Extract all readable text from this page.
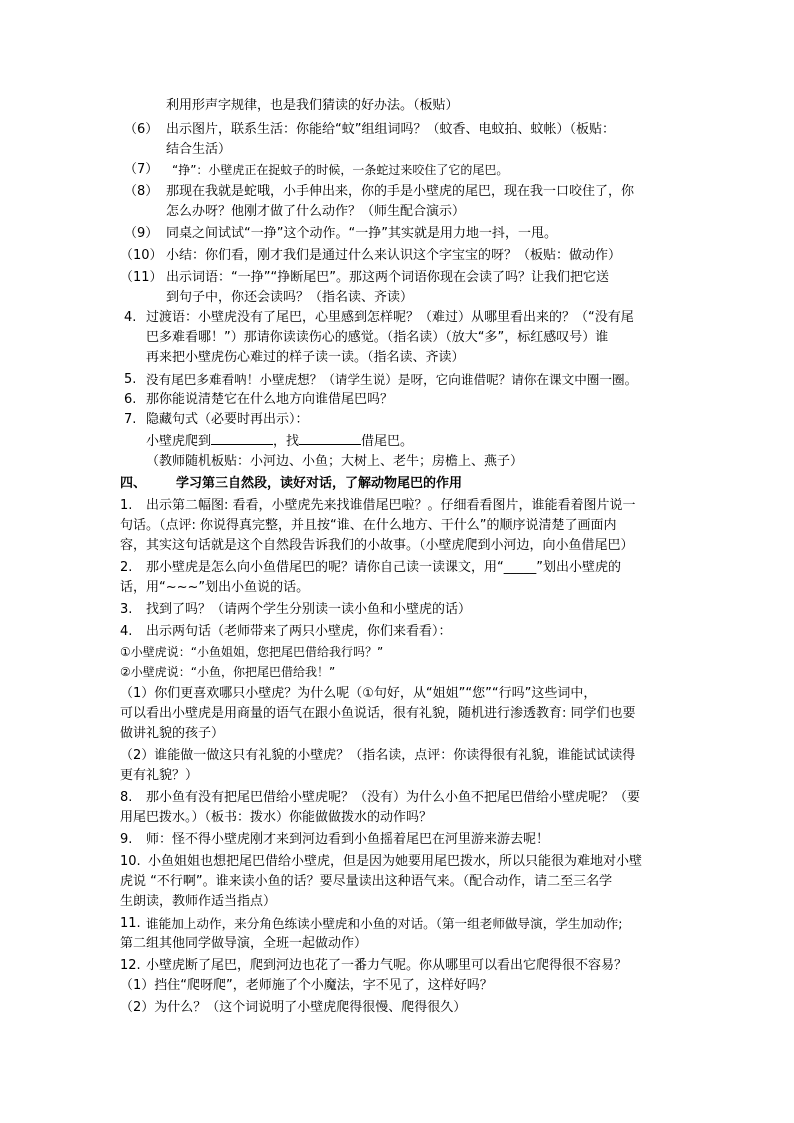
利用形声字规律，也是我们猜读的好办法。（板贴）
（6） 出示图片，联系生活：你能给“蚊”组组词吗？（蚊香、电蚊拍、蚊帐）（板贴：
结合生活）
（7） “挣”：小壁虎正在捉蚊子的时候，一条蛇过来咬住了它的尾巴。
（8） 那现在我就是蛇哦，小手伸出来，你的手是小壁虎的尾巴，现在我一口咬住了，你
怎么办呀？他刚才做了什么动作？（师生配合演示）
（9） 同桌之间试试“一挣”这个动作。“一挣”其实就是用力地一抖，一甩。
（10） 小结：你们看，刚才我们是通过什么来认识这个字宝宝的呀？（板贴：做动作）
（11） 出示词语：“一挣”“挣断尾巴”。那这两个词语你现在会读了吗？让我们把它送
到句子中，你还会读吗？（指名读、齐读）
4. 过渡语：小壁虎没有了尾巴，心里感到怎样呢？（难过）从哪里看出来的？（“没有尾
巴多难看哪！”）那请你读读伤心的感觉。（指名读）（放大“多”，标红感叹号）谁
再来把小壁虎伤心难过的样子读一读。（指名读、齐读）
5. 没有尾巴多难看呐！小壁虎想？（请学生说）是呀，它向谁借呢？请你在课文中圈一圈。
6. 那你能说清楚它在什么地方向谁借尾巴吗？
7. 隐藏句式（必要时再出示）：
小壁虎爬到	，找	借尾巴。
（教师随机板贴：小河边、小鱼；大树上、老牛；房檐上、燕子）
四、 学习第三自然段，读好对话，了解动物尾巴的作用
1. 出示第二幅图: 看看，小壁虎先来找谁借尾巴啦？。仔细看看图片，谁能看着图片说一
句话。（点评: 你说得真完整，并且按“谁、在什么地方、干什么”的顺序说清楚了画面内
容，其实这句话就是这个自然段告诉我们的小故事。（小壁虎爬到小河边，向小鱼借尾巴）
2. 那小壁虎是怎么向小鱼借尾巴的呢？请你自己读一读课文，用“_____”划出小壁虎的
话，用“~~~”划出小鱼说的话。
3. 找到了吗？（请两个学生分别读一读小鱼和小壁虎的话）
4. 出示两句话（老师带来了两只小壁虎，你们来看看）：
①小壁虎说：“小鱼姐姐，您把尾巴借给我行吗？”
②小壁虎说：“小鱼，你把尾巴借给我！”
（1）你们更喜欢哪只小壁虎？为什么呢（①句好，从“姐姐”“您”“行吗”这些词中，
可以看出小壁虎是用商量的语气在跟小鱼说话，很有礼貌，随机进行渗透教育: 同学们也要
做讲礼貌的孩子）
（2）谁能做一做这只有礼貌的小壁虎？（指名读，点评：你读得很有礼貌，谁能试试读得
更有礼貌？）
8. 那小鱼有没有把尾巴借给小壁虎呢？（没有）为什么小鱼不把尾巴借给小壁虎呢？（要
用尾巴拨水。）（板书：拨水）你能做做拨水的动作吗？
9. 师：怪不得小壁虎刚才来到河边看到小鱼摇着尾巴在河里游来游去呢！
10. 小鱼姐姐也想把尾巴借给小壁虎，但是因为她要用尾巴拨水，所以只能很为难地对小壁
虎说 “不行啊”。谁来读小鱼的话？要尽量读出这种语气来。（配合动作，请二至三名学
生朗读，教师作适当指点）
11. 谁能加上动作，来分角色练读小壁虎和小鱼的对话。（第一组老师做导演，学生加动作;
第二组其他同学做导演，全班一起做动作）
12. 小壁虎断了尾巴，爬到河边也花了一番力气呢。你从哪里可以看出它爬得很不容易？
（1）挡住“爬呀爬”，老师施了个小魔法，字不见了，这样好吗？
（2）为什么？（这个词说明了小壁虎爬得很慢、爬得很久）
